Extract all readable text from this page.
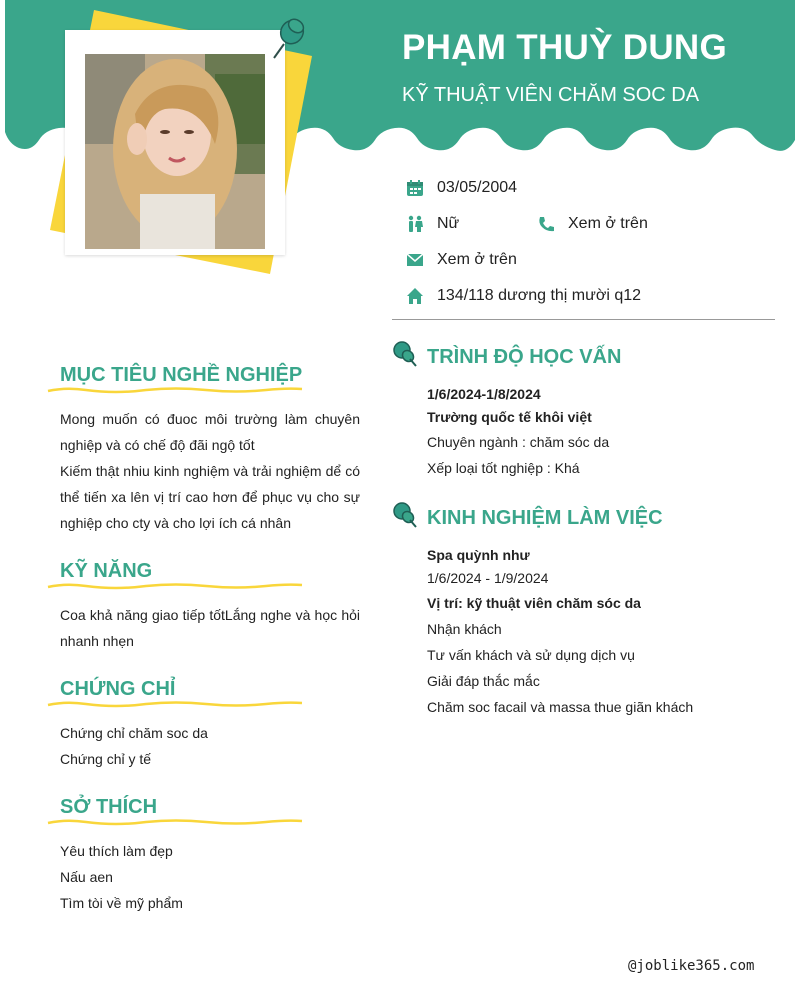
PHẠM THUỲ DUNG
KỸ THUẬT VIÊN CHĂM SOC DA
03/05/2004
Nữ	Xem ở trên
Xem ở trên
134/118 dương thị mười q12
MỤC TIÊU NGHỀ NGHIỆP

Mong muốn có đuoc môi trường làm chuyên nghiệp và có chế độ đãi ngộ tốt

Kiếm thật nhiu kinh nghiệm và trải nghiệm dể có thể tiến xa lên vị trí cao hơn để phục vụ cho sự nghiệp cho cty và cho lợi ích cá nhân

KỸ NĂNG

Coa khả năng giao tiếp tốtLắng nghe và học hỏi nhanh nhẹn

CHỨNG CHỈ

Chứng chỉ chăm soc da

Chứng chỉ y tế

SỞ THÍCH

Yêu thích làm đẹp

Nấu aen

Tìm tòi về mỹ phẩm

TRÌNH ĐỘ HỌC VẤN
1/6/2024-1/8/2024
Trường quốc tế khôi việt
Chuyên ngành : chăm sóc da
Xếp loại tốt nghiệp : Khá
KINH NGHIỆM LÀM VIỆC
Spa quỳnh như
1/6/2024 - 1/9/2024
Vị trí: kỹ thuật viên chăm sóc da
Nhận khách
Tư vấn khách và sử dụng dịch vụ
Giải đáp thắc mắc
Chăm soc facail và massa thue giãn khách
@joblike365.com
